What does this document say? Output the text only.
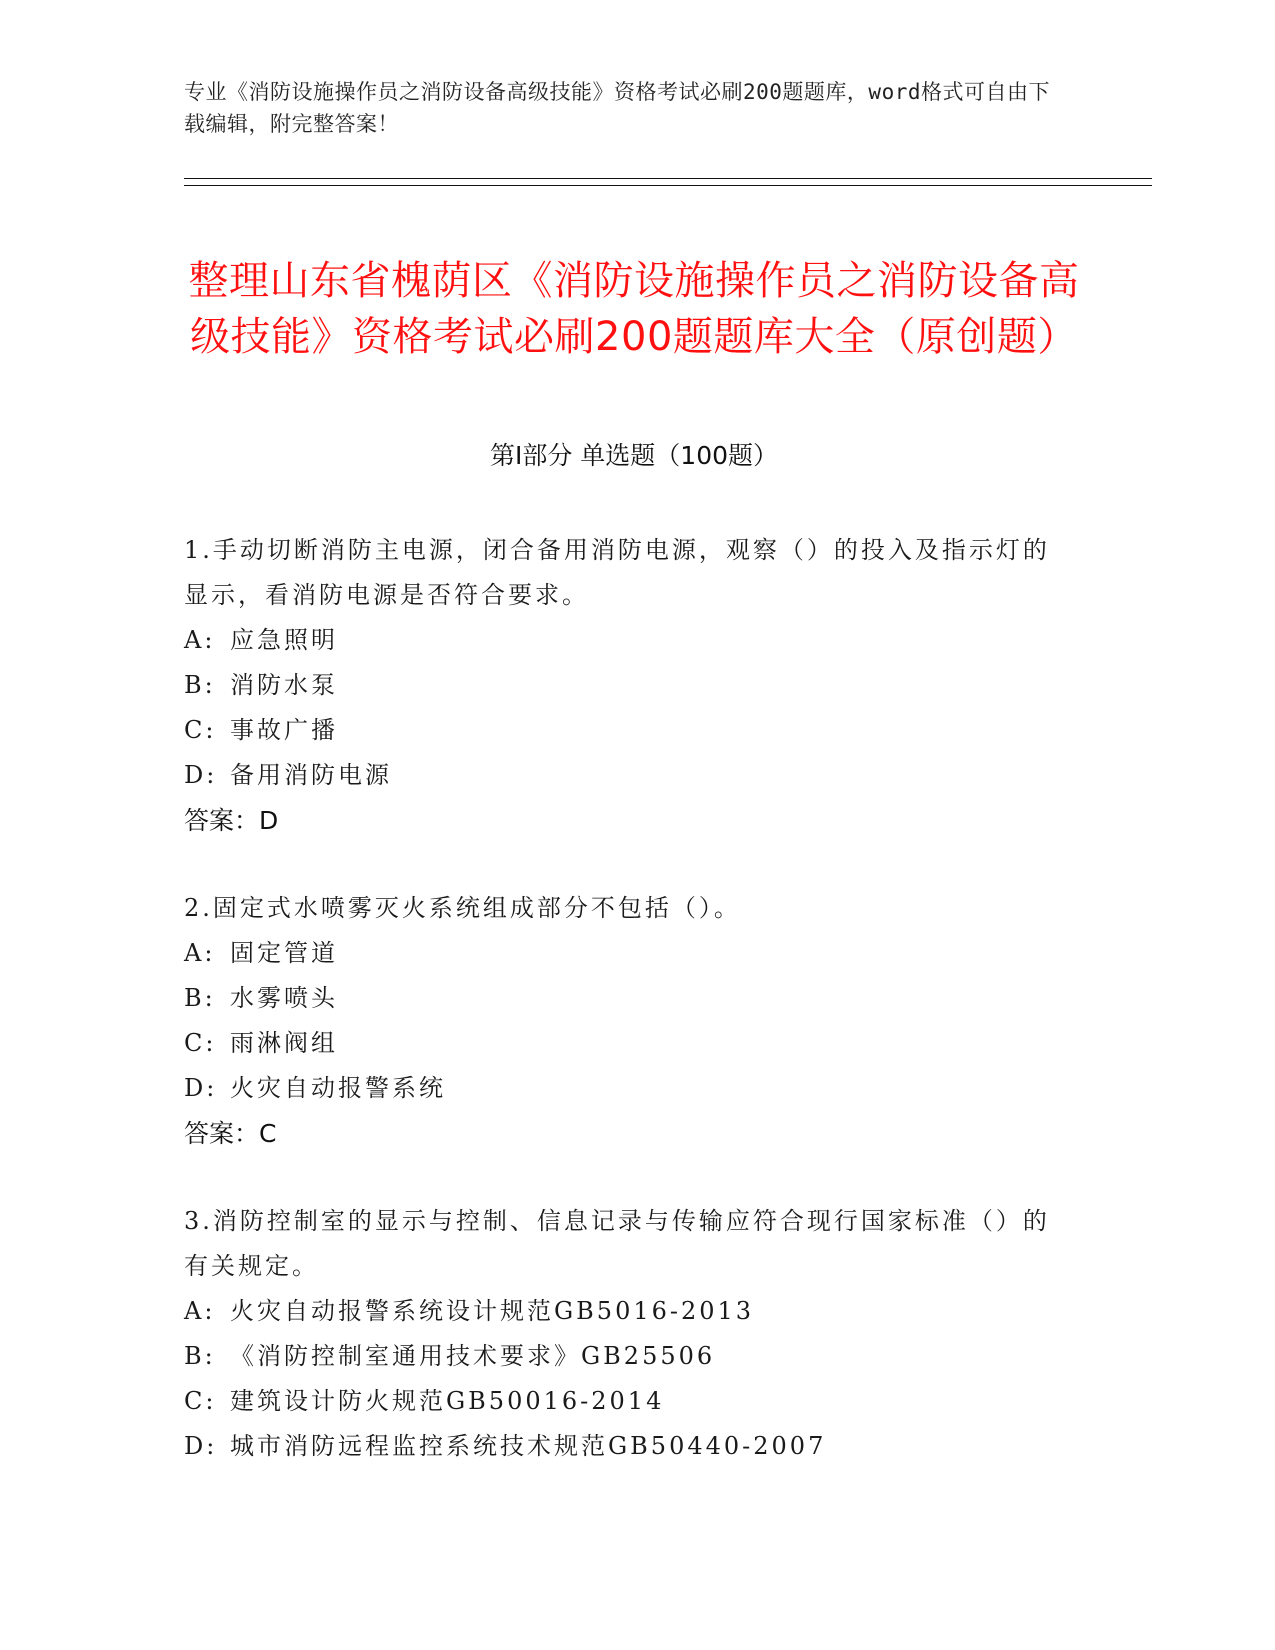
专业《消防设施操作员之消防设备高级技能》资格考试必刷200题题库，word格式可自由下载编辑，附完整答案！
整理山东省槐荫区《消防设施操作员之消防设备高级技能》资格考试必刷200题题库大全（原创题）
第I部分 单选题（100题）
1.手动切断消防主电源，闭合备用消防电源，观察（）的投入及指示灯的显示，看消防电源是否符合要求。
A: 应急照明
B: 消防水泵
C: 事故广播
D: 备用消防电源
答案：D
2.固定式水喷雾灭火系统组成部分不包括（）。
A: 固定管道
B: 水雾喷头
C: 雨淋阀组
D: 火灾自动报警系统
答案：C
3.消防控制室的显示与控制、信息记录与传输应符合现行国家标准（）的有关规定。
A: 火灾自动报警系统设计规范GB5016-2013
B: 《消防控制室通用技术要求》GB25506
C: 建筑设计防火规范GB50016-2014
D: 城市消防远程监控系统技术规范GB50440-2007
